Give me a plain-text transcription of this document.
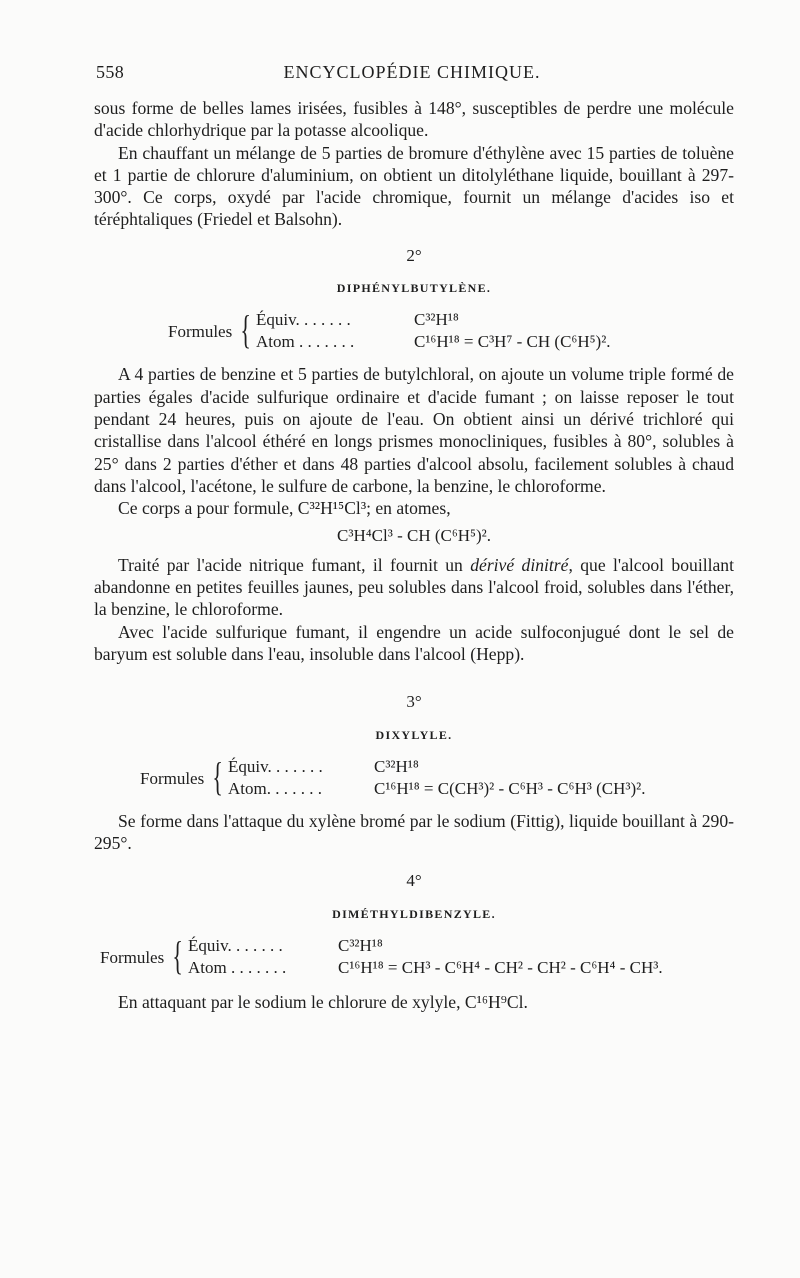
ENCYCLOPÉDIE CHIMIQUE.
558

sous forme de belles lames irisées, fusibles à 148°, susceptibles de perdre une molécule d'acide chlorhydrique par la potasse alcoolique.

En chauffant un mélange de 5 parties de bromure d'éthylène avec 15 parties de toluène et 1 partie de chlorure d'aluminium, on obtient un ditolyléthane liquide, bouillant à 297-300°. Ce corps, oxydé par l'acide chromique, fournit un mélange d'acides iso et téréphtaliques (Friedel et Balsohn).

2°
DIPHÉNYLBUTYLÈNE.
Formules { Équiv. . . . . . .	C³²H¹⁸
Atom . . . . . . .	C¹⁶H¹⁸ = C³H⁷ - CH (C⁶H⁵)².

A 4 parties de benzine et 5 parties de butylchloral, on ajoute un volume triple formé de parties égales d'acide sulfurique ordinaire et d'acide fumant ; on laisse reposer le tout pendant 24 heures, puis on ajoute de l'eau. On obtient ainsi un dérivé trichloré qui cristallise dans l'alcool éthéré en longs prismes monocliniques, fusibles à 80°, solubles à 25° dans 2 parties d'éther et dans 48 parties d'alcool absolu, facilement solubles à chaud dans l'alcool, l'acétone, le sulfure de carbone, la benzine, le chloroforme.

Ce corps a pour formule, C³²H¹⁵Cl³; en atomes,

C³H⁴Cl³ - CH (C⁶H⁵)².

Traité par l'acide nitrique fumant, il fournit un dérivé dinitré, que l'alcool bouillant abandonne en petites feuilles jaunes, peu solubles dans l'alcool froid, solubles dans l'éther, la benzine, le chloroforme.

Avec l'acide sulfurique fumant, il engendre un acide sulfoconjugué dont le sel de baryum est soluble dans l'eau, insoluble dans l'alcool (Hepp).

3°
DIXYLYLE.
Formules { Équiv. . . . . . .	C³²H¹⁸
Atom. . . . . . .	C¹⁶H¹⁸ = C(CH³)² - C⁶H³ - C⁶H³ (CH³)².

Se forme dans l'attaque du xylène bromé par le sodium (Fittig), liquide bouillant à 290-295°.

4°
DIMÉTHYLDIBENZYLE.
Formules { Équiv. . . . . . .	C³²H¹⁸
Atom . . . . . . .	C¹⁶H¹⁸ = CH³ - C⁶H⁴ - CH² - CH² - C⁶H⁴ - CH³.

En attaquant par le sodium le chlorure de xylyle, C¹⁶H⁹Cl.
